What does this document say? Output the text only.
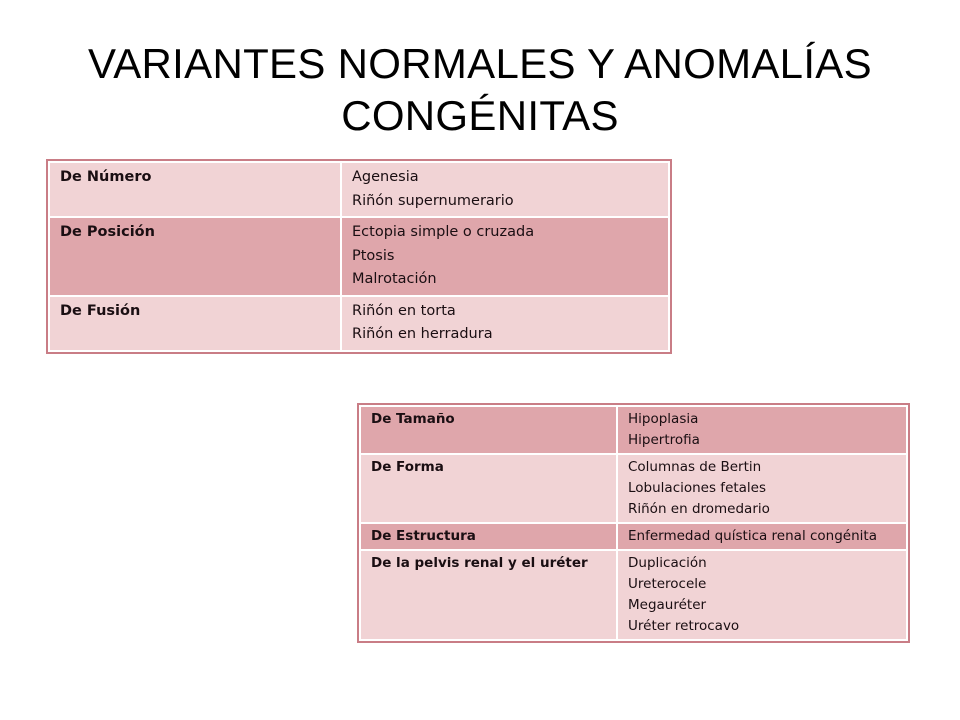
VARIANTES NORMALES Y ANOMALÍAS CONGÉNITAS
De Número	Agenesia
Riñón supernumerario

De Posición	Ectopia simple o cruzada
Ptosis
Malrotación

De Fusión	Riñón en torta
Riñón en herradura
De Tamaño	Hipoplasia
Hipertrofia

De Forma	Columnas de Bertin
Lobulaciones fetales
Riñón en dromedario

De Estructura	Enfermedad quística renal congénita

De la pelvis renal y el uréter	Duplicación
Ureterocele
Megauréter
Uréter retrocavo
